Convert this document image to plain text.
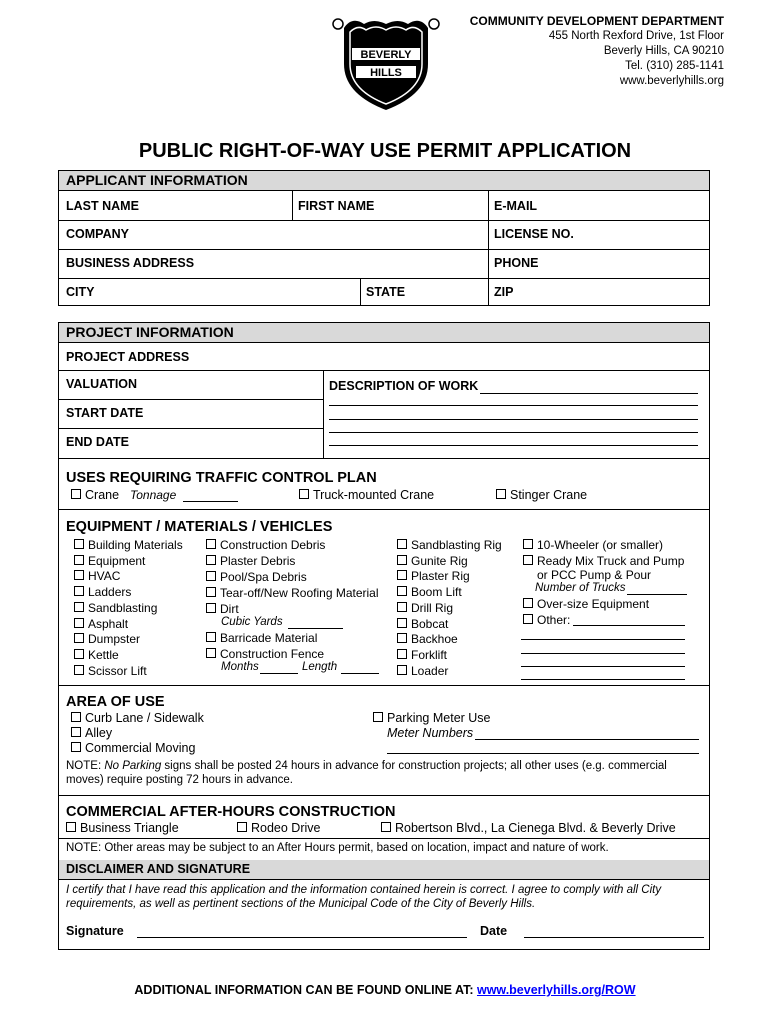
BEVERLY
HILLS
COMMUNITY DEVELOPMENT DEPARTMENT
455 North Rexford Drive, 1st Floor
Beverly Hills, CA 90210
Tel. (310) 285-1141
www.beverlyhills.org
PUBLIC RIGHT-OF-WAY USE PERMIT APPLICATION
APPLICANT INFORMATION
LAST NAME	FIRST NAME	E-MAIL
COMPANY	LICENSE NO.
BUSINESS ADDRESS	PHONE
CITY	STATE	ZIP
PROJECT INFORMATION
PROJECT ADDRESS
VALUATION	DESCRIPTION OF WORK
START DATE
END DATE
USES REQUIRING TRAFFIC CONTROL PLAN
Crane Tonnage	Truck-mounted Crane	Stinger Crane
EQUIPMENT / MATERIALS / VEHICLES
Building Materials
Equipment
HVAC
Ladders
Sandblasting
Asphalt
Dumpster
Kettle
Scissor Lift
Construction Debris
Plaster Debris
Pool/Spa Debris
Tear-off/New Roofing Material
Dirt
Cubic Yards
Barricade Material
Construction Fence
Months	Length
Sandblasting Rig
Gunite Rig
Plaster Rig
Boom Lift
Drill Rig
Bobcat
Backhoe
Forklift
Loader
10-Wheeler (or smaller)
Ready Mix Truck and Pump
or PCC Pump & Pour
Number of Trucks
Over-size Equipment
Other:
AREA OF USE
Curb Lane / Sidewalk
Alley
Commercial Moving
Parking Meter Use
Meter Numbers
NOTE: No Parking signs shall be posted 24 hours in advance for construction projects; all other uses (e.g. commercial moves) require posting 72 hours in advance.
COMMERCIAL AFTER-HOURS CONSTRUCTION
Business Triangle	Rodeo Drive	Robertson Blvd., La Cienega Blvd. & Beverly Drive
NOTE: Other areas may be subject to an After Hours permit, based on location, impact and nature of work.
DISCLAIMER AND SIGNATURE
I certify that I have read this application and the information contained herein is correct. I agree to comply with all City requirements, as well as pertinent sections of the Municipal Code of the City of Beverly Hills.
Signature	Date
ADDITIONAL INFORMATION CAN BE FOUND ONLINE AT: www.beverlyhills.org/ROW
